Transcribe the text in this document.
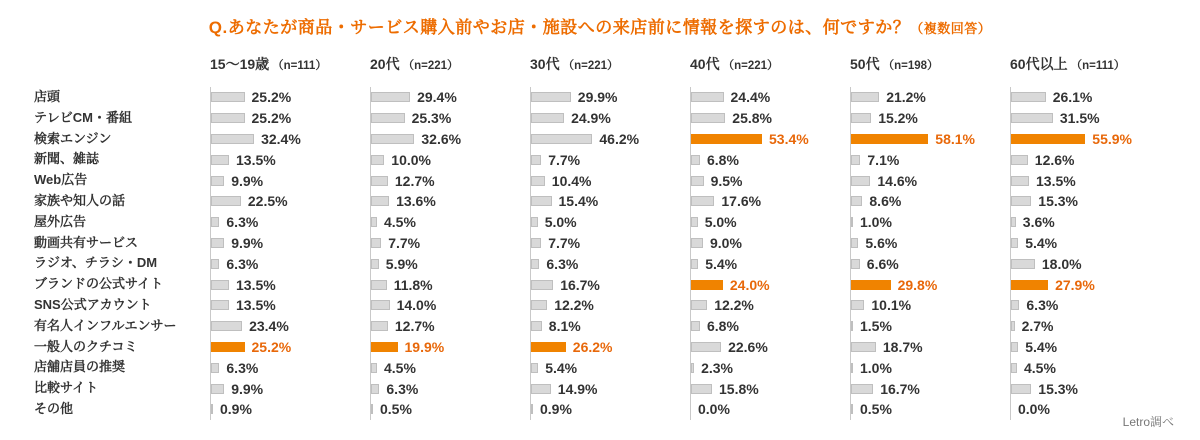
Q.あなたが商品・サービス購入前やお店・施設への来店前に情報を探すのは、何ですか？（複数回答）
店頭
テレビCM・番組
検索エンジン
新聞、雑誌
Web広告
家族や知人の話
屋外広告
動画共有サービス
ラジオ、チラシ・DM
ブランドの公式サイト
SNS公式アカウント
有名人インフルエンサー
一般人のクチコミ
店舗店員の推奨
比較サイト
その他
15〜19歳 （n=111）
25.2%
25.2%
32.4%
13.5%
9.9%
22.5%
6.3%
9.9%
6.3%
13.5%
13.5%
23.4%
25.2%
6.3%
9.9%
0.9%
20代 （n=221）
29.4%
25.3%
32.6%
10.0%
12.7%
13.6%
4.5%
7.7%
5.9%
11.8%
14.0%
12.7%
19.9%
4.5%
6.3%
0.5%
30代 （n=221）
29.9%
24.9%
46.2%
7.7%
10.4%
15.4%
5.0%
7.7%
6.3%
16.7%
12.2%
8.1%
26.2%
5.4%
14.9%
0.9%
40代 （n=221）
24.4%
25.8%
53.4%
6.8%
9.5%
17.6%
5.0%
9.0%
5.4%
24.0%
12.2%
6.8%
22.6%
2.3%
15.8%
0.0%
50代 （n=198）
21.2%
15.2%
58.1%
7.1%
14.6%
8.6%
1.0%
5.6%
6.6%
29.8%
10.1%
1.5%
18.7%
1.0%
16.7%
0.5%
60代以上 （n=111）
26.1%
31.5%
55.9%
12.6%
13.5%
15.3%
3.6%
5.4%
18.0%
27.9%
6.3%
2.7%
5.4%
4.5%
15.3%
0.0%
Letro調べ
